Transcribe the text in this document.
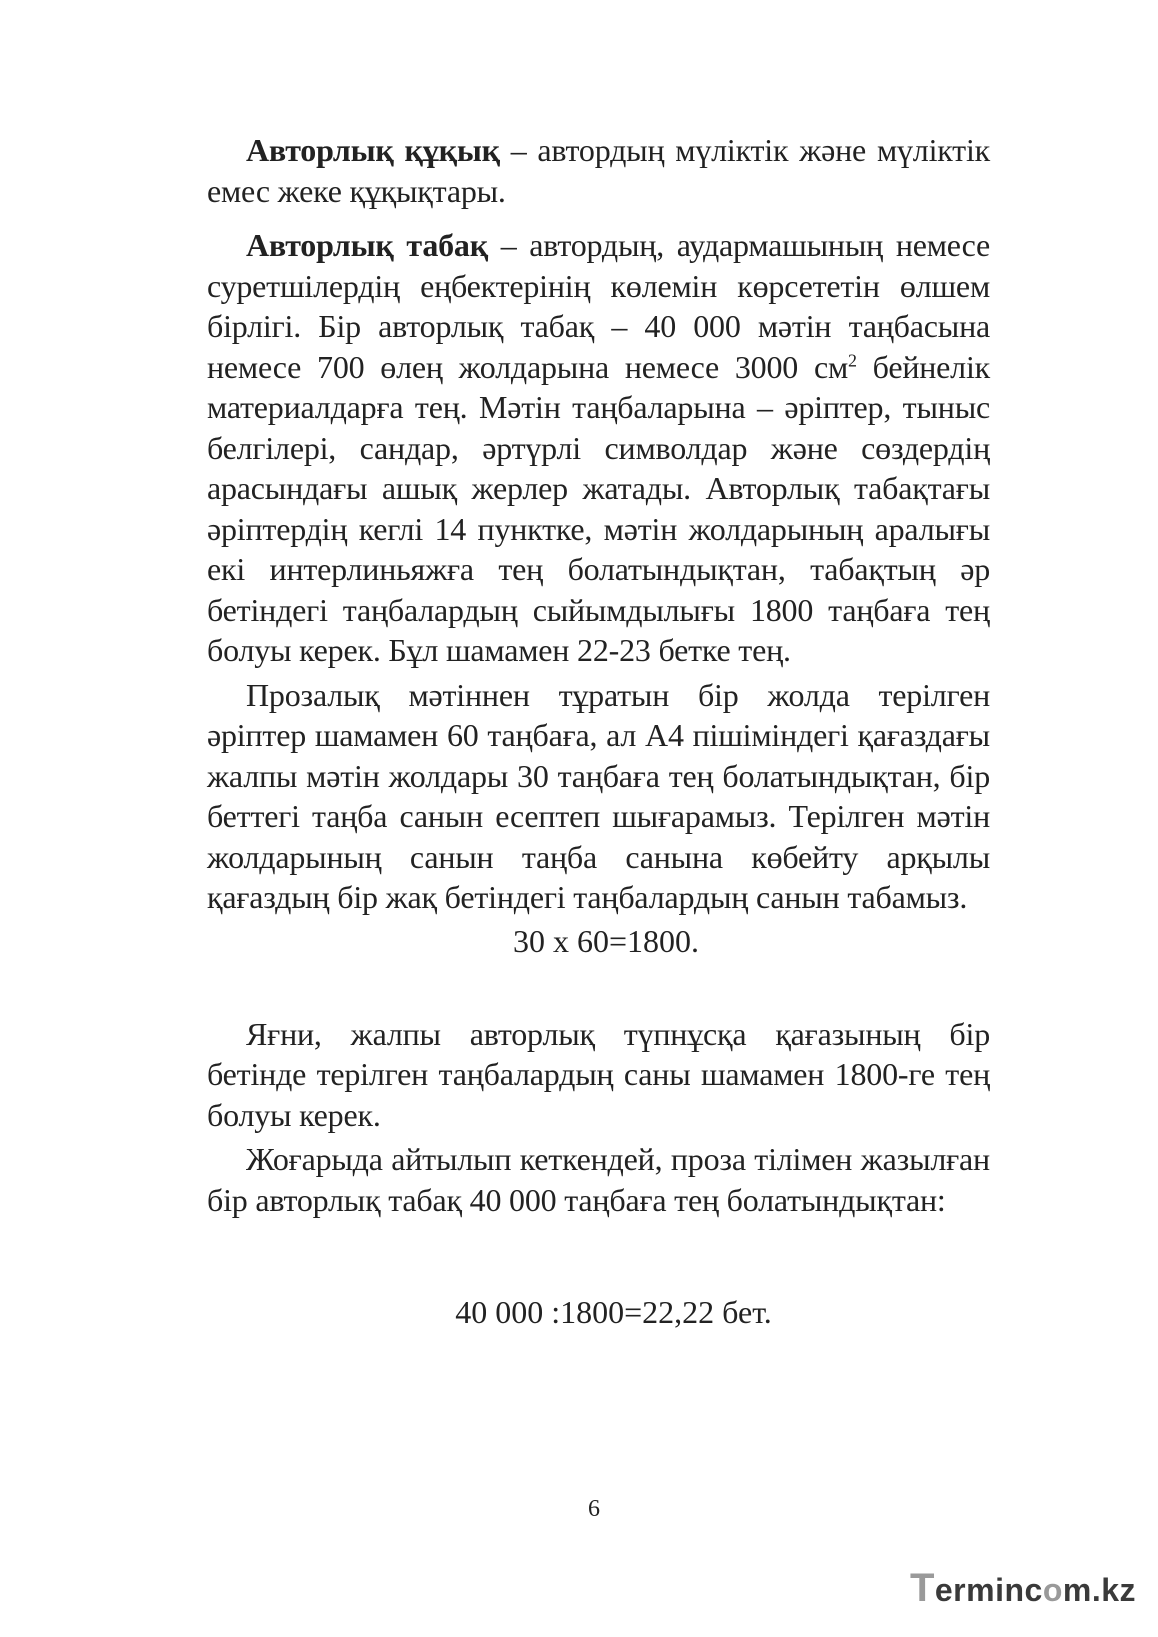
Авторлық құқық – автордың мүліктік және мүліктік емес жеке құқықтары.

Авторлық табақ – автордың, аудармашының немесе суретшілердің еңбектерінің көлемін көрсететін өлшем бірлігі. Бір авторлық табақ – 40 000 мәтін таңбасына немесе 700 өлең жолдарына немесе 3000 $см^2$ бейнелік материалдарға тең. Мәтін таңбаларына – әріптер, тыныс белгілері, сандар, әртүрлі символдар және сөздердің арасындағы ашық жерлер жатады. Авторлық табақтағы әріптердің кеглі 14 пунктке, мәтін жолдарының аралығы екі интерлиньяжға тең болатындықтан, табақтың әр бетіндегі таңбалардың сыйымдылығы 1800 таңбаға тең болуы керек. Бұл шамамен 22-23 бетке тең.

Прозалық мәтіннен тұратын бір жолда терілген әріптер шамамен 60 таңбаға, ал А4 пішіміндегі қағаздағы жалпы мәтін жолдары 30 таңбаға тең болатындықтан, бір беттегі таңба санын есептеп шығарамыз. Терілген мәтін жолдарының санын таңба санына көбейту арқылы қағаздың бір жақ бетіндегі таңбалардың санын табамыз.

30 х 60=1800.

Яғни, жалпы авторлық түпнұсқа қағазының бір бетінде терілген таңбалардың саны шамамен 1800-ге тең болуы керек.

Жоғарыда айтылып кеткендей, проза тілімен жазылған бір авторлық табақ 40 000 таңбаға тең болатындықтан:

40 000 :1800=22,22 бет.

6
Termincom.kz
